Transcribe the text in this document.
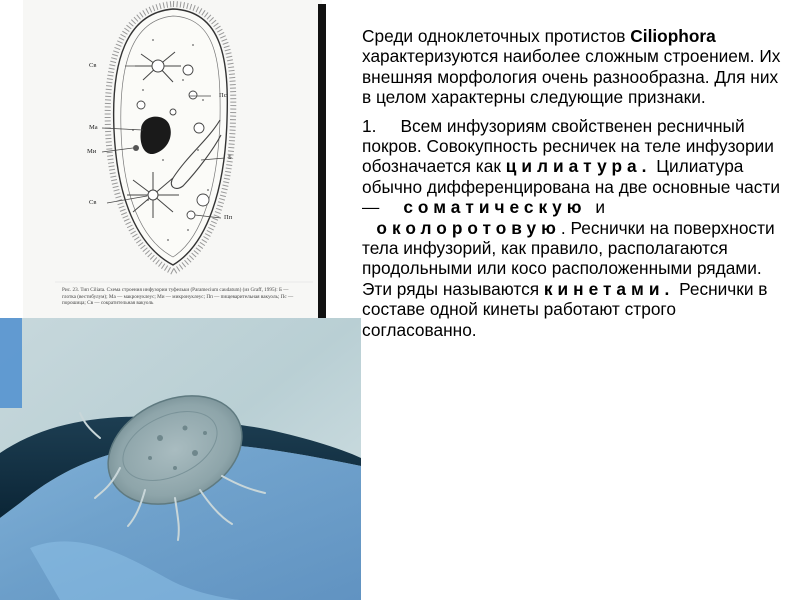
Св
Пс
Ма
Ми
Б
Св
Пп
Рис. 23. Тип Ciliata. Схема строения инфузории туфельки (Paramecium caudatum) (из Graff, 1995): Б — глотка (вестибулум); Ма — макронуклеус; Ми — микронуклеус; Пп — пищеварительная вакуоль; Пс — порошица; Св — сократительная вакуоль

Среди одноклеточных протистов Ciliophora характеризуются наиболее сложным строением. Их внешняя морфология очень разнообразна. Для них в целом характерны следующие признаки.

1. Всем инфузориям свойственен ресничный покров. Совокупность ресничек на теле инфузории обозначается как цилиатура. Цилиатура обычно дифференцирована на две основные части —     соматическую и    околоротовую. Реснички на поверхности тела инфузорий, как правило, располагаются продольными или косо расположенными рядами. Эти ряды называются кинетами. Реснички в составе одной кинеты работают строго согласованно.
